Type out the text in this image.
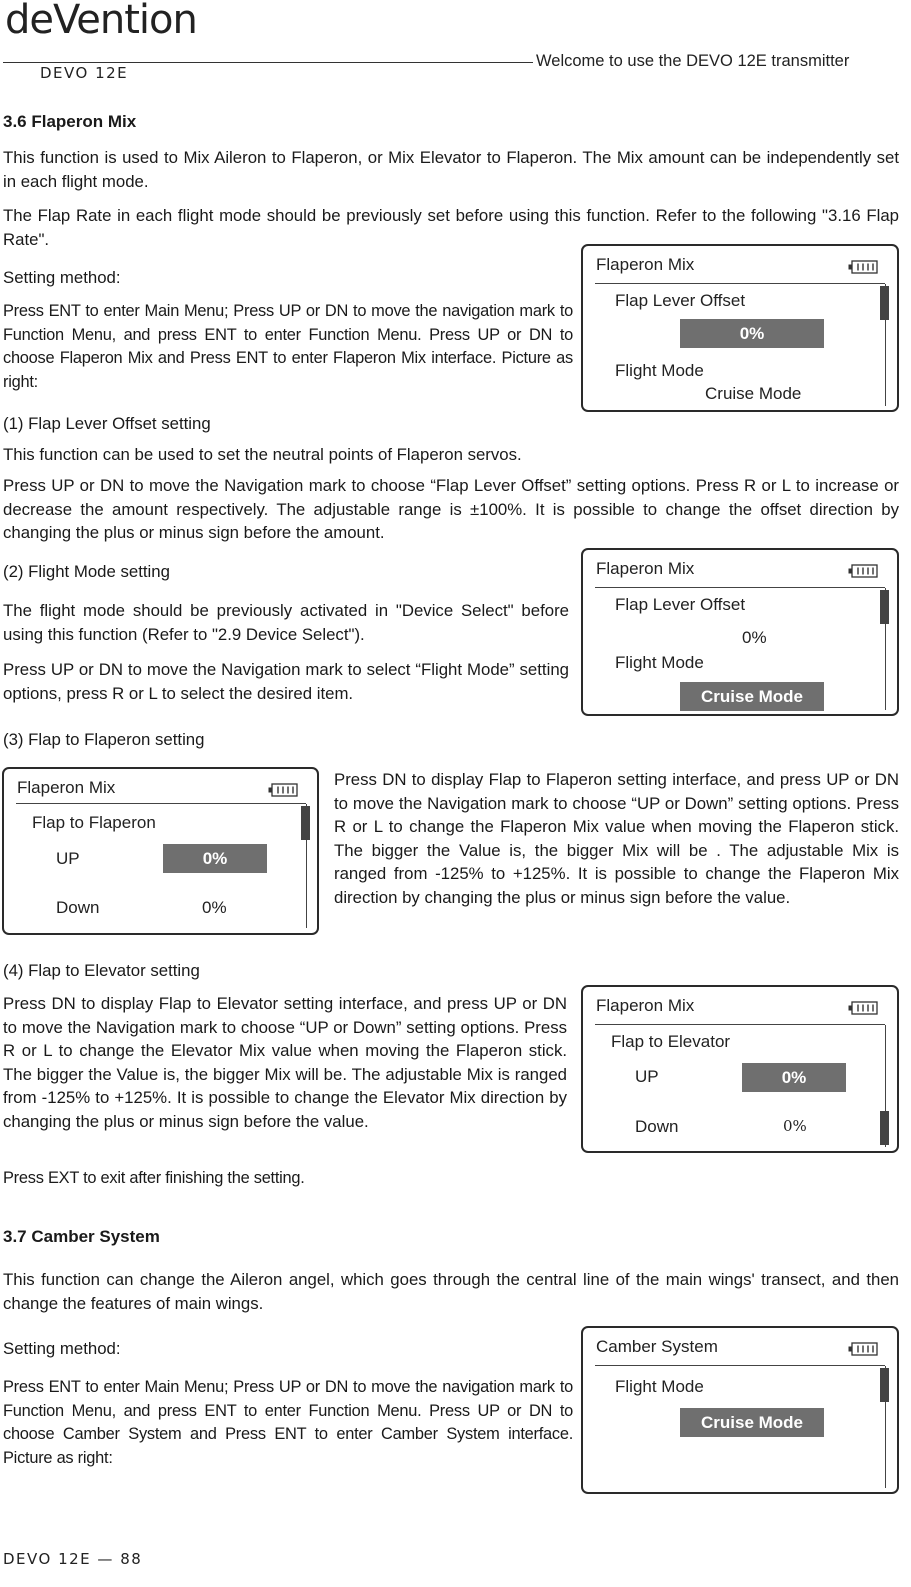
deVention
DEVO 12E
Welcome to use the DEVO 12E transmitter
3.6 Flaperon Mix
This function is used to Mix Aileron to Flaperon, or Mix Elevator to Flaperon. The Mix amount can be independently set in each flight mode.
The Flap Rate in each flight mode should be previously set before using this function. Refer to the following "3.16 Flap Rate".
Setting method:
Press ENT to enter Main Menu; Press UP or DN to move the navigation mark to Function Menu, and press ENT to enter Function Menu. Press UP or DN to choose Flaperon Mix and Press ENT to enter Flaperon Mix interface. Picture as right:
Flaperon Mix
Flap Lever Offset
0%
Flight Mode
Cruise Mode
(1) Flap Lever Offset setting
This function can be used to set the neutral points of Flaperon servos.
Press UP or DN to move the Navigation mark to choose “Flap Lever Offset” setting options. Press R or L to increase or decrease the amount respectively. The adjustable range is ±100%. It is possible to change the offset direction by changing the plus or minus sign before the amount.
(2) Flight Mode setting
The flight mode should be previously activated in "Device Select" before using this function (Refer to "2.9 Device Select").
Press UP or DN to move the Navigation mark to select “Flight Mode” setting options, press R or L to select the desired item.
Flaperon Mix
Flap Lever Offset
0%
Flight Mode
Cruise Mode
(3) Flap to Flaperon setting
Flaperon Mix
Flap to Flaperon
UP	0%
Down	0%
Press DN to display Flap to Flaperon setting interface, and press UP or DN to move the Navigation mark to choose “UP or Down” setting options. Press R or L to change the Flaperon Mix value when moving the Flaperon stick. The bigger the Value is, the bigger Mix will be . The adjustable Mix is ranged from -125% to +125%. It is possible to change the Flaperon Mix direction by changing the plus or minus sign before the value.
(4) Flap to Elevator setting
Press DN to display Flap to Elevator setting interface, and press UP or DN to move the Navigation mark to choose “UP or Down” setting options. Press R or L to change the Elevator Mix value when moving the Flaperon stick. The bigger the Value is, the bigger Mix will be. The adjustable Mix is ranged from -125% to +125%. It is possible to change the Elevator Mix direction by changing the plus or minus sign before the value.
Press EXT to exit after finishing the setting.
Flaperon Mix
Flap to Elevator
UP	0%
Down	0%
3.7 Camber System
This function can change the Aileron angel, which goes through the central line of the main wings' transect, and then change the features of main wings.
Setting method:
Press ENT to enter Main Menu; Press UP or DN to move the navigation mark to Function Menu, and press ENT to enter Function Menu. Press UP or DN to choose Camber System and Press ENT to enter Camber System interface. Picture as right:
Camber System
Flight Mode
Cruise Mode
DEVO 12E — 88
